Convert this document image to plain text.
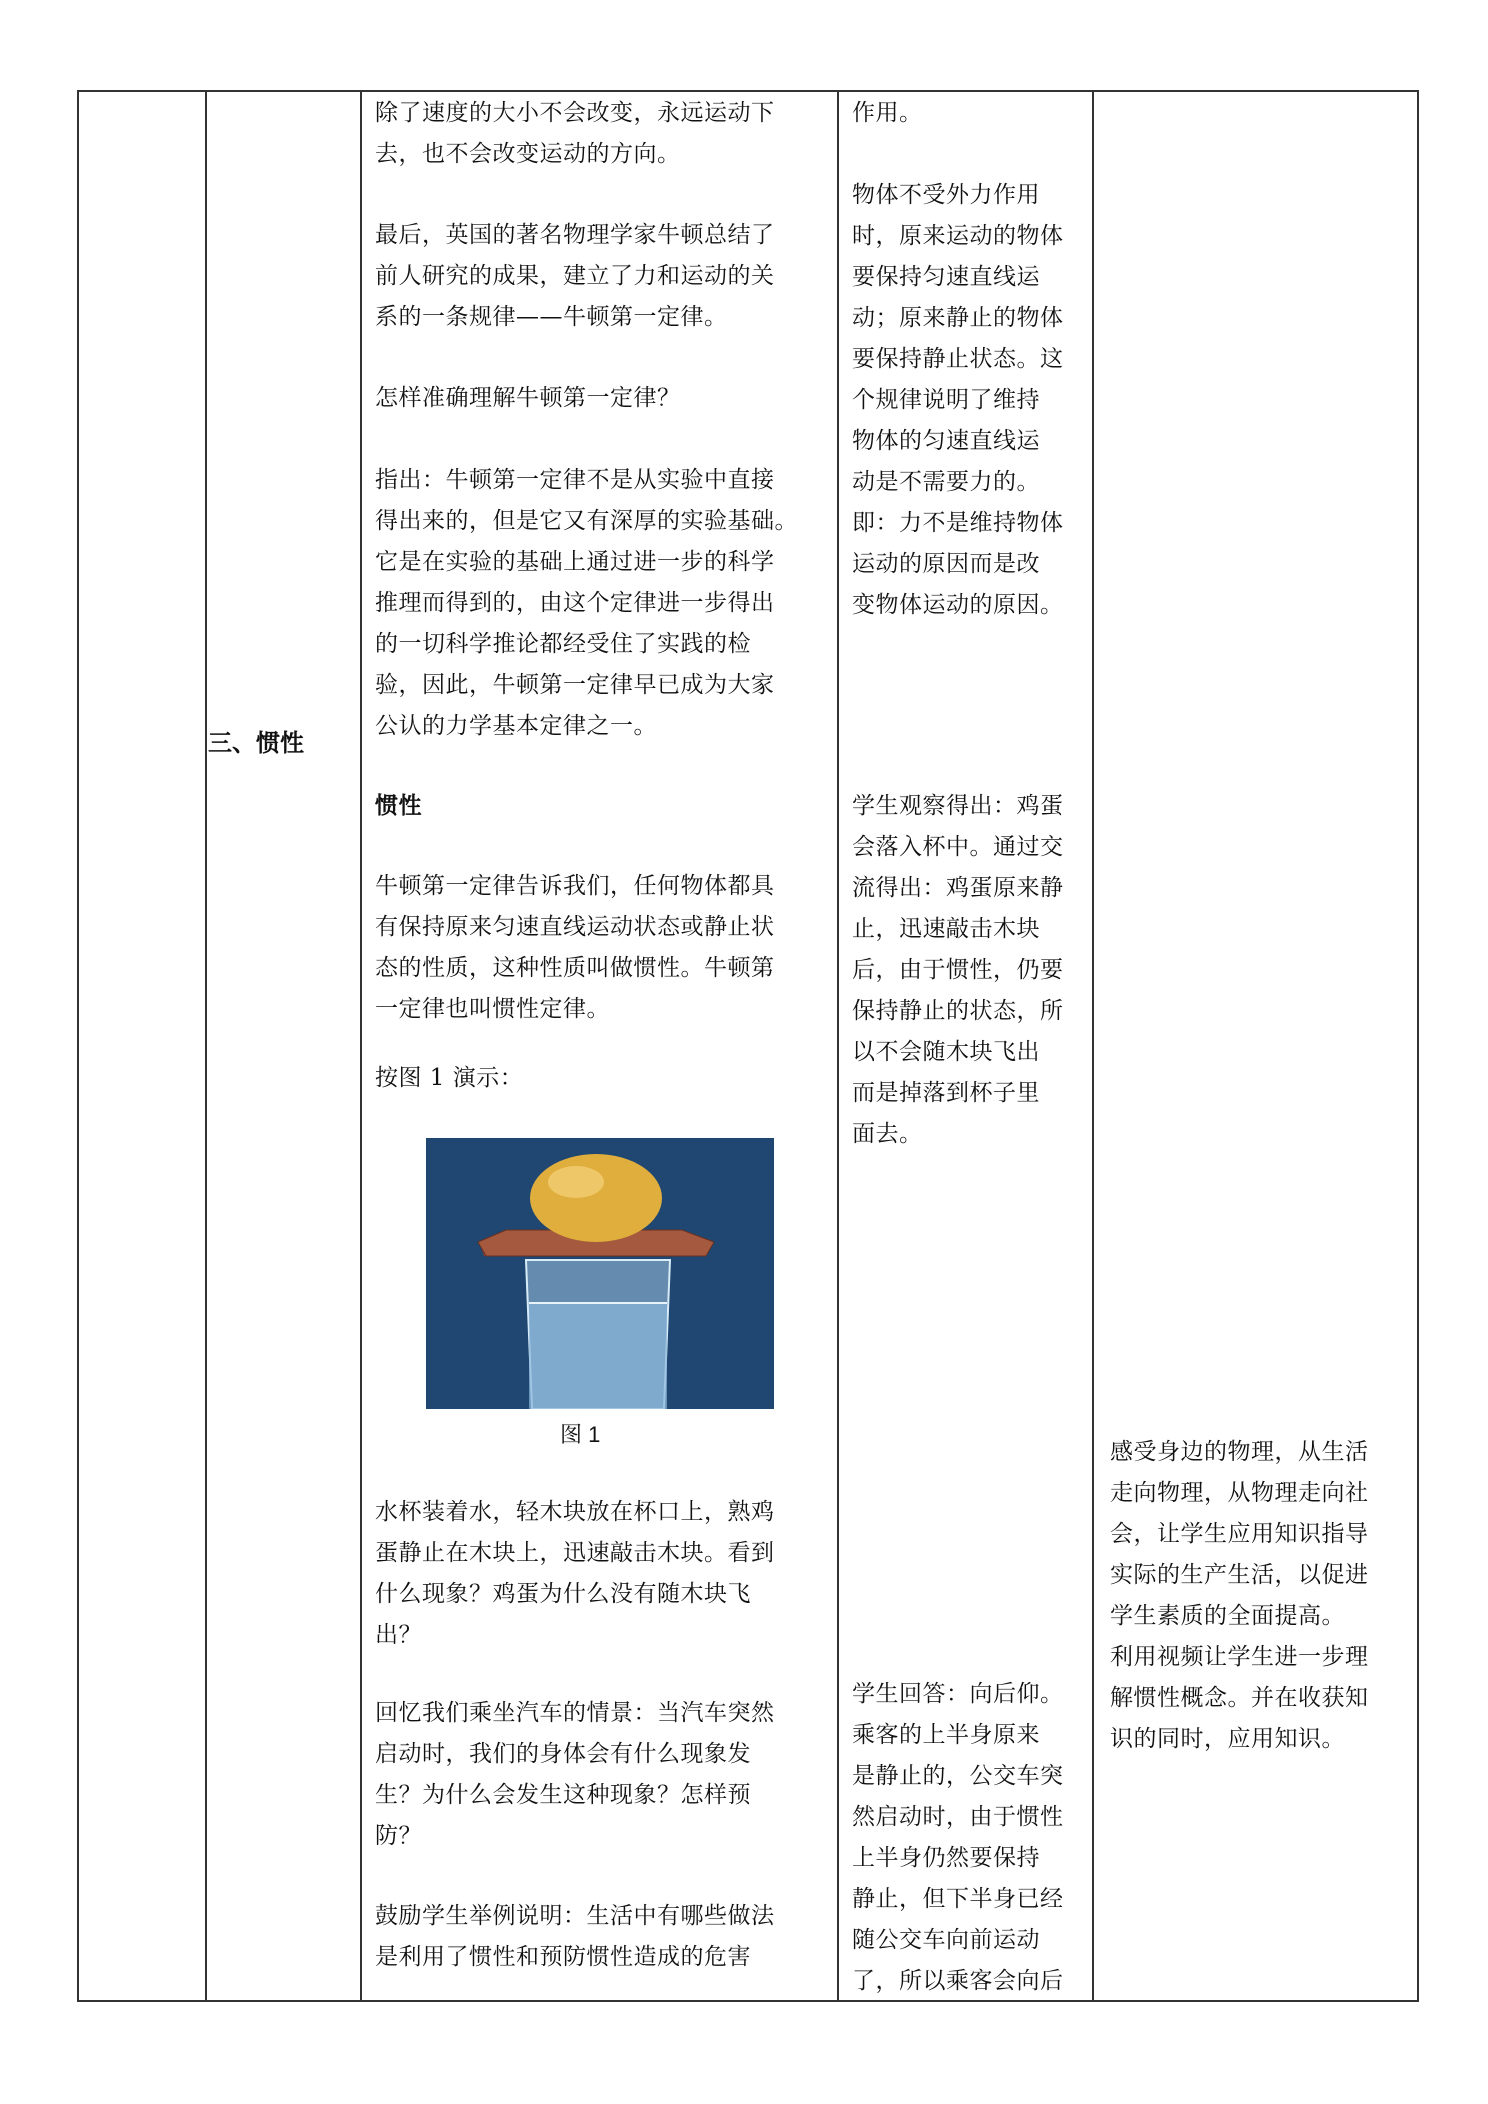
三、惯性
除了速度的大小不会改变，永远运动下
去，也不会改变运动的方向。
最后，英国的著名物理学家牛顿总结了
前人研究的成果，建立了力和运动的关
系的一条规律——牛顿第一定律。
怎样准确理解牛顿第一定律？
指出：牛顿第一定律不是从实验中直接
得出来的，但是它又有深厚的实验基础。
它是在实验的基础上通过进一步的科学
推理而得到的，由这个定律进一步得出
的一切科学推论都经受住了实践的检
验，因此，牛顿第一定律早已成为大家
公认的力学基本定律之一。
惯性
牛顿第一定律告诉我们，任何物体都具
有保持原来匀速直线运动状态或静止状
态的性质，这种性质叫做惯性。牛顿第
一定律也叫惯性定律。
按图 1 演示：
图 1
水杯装着水，轻木块放在杯口上，熟鸡
蛋静止在木块上，迅速敲击木块。看到
什么现象？鸡蛋为什么没有随木块飞
出？
回忆我们乘坐汽车的情景：当汽车突然
启动时，我们的身体会有什么现象发
生？为什么会发生这种现象？怎样预
防？
鼓励学生举例说明：生活中有哪些做法
是利用了惯性和预防惯性造成的危害
作用。
物体不受外力作用
时，原来运动的物体
要保持匀速直线运
动；原来静止的物体
要保持静止状态。这
个规律说明了维持
物体的匀速直线运
动是不需要力的。
即：力不是维持物体
运动的原因而是改
变物体运动的原因。
学生观察得出：鸡蛋
会落入杯中。通过交
流得出：鸡蛋原来静
止，迅速敲击木块
后，由于惯性，仍要
保持静止的状态，所
以不会随木块飞出
而是掉落到杯子里
面去。
学生回答：向后仰。
乘客的上半身原来
是静止的，公交车突
然启动时，由于惯性
上半身仍然要保持
静止，但下半身已经
随公交车向前运动
了，所以乘客会向后
感受身边的物理，从生活
走向物理，从物理走向社
会，让学生应用知识指导
实际的生产生活，以促进
学生素质的全面提高。
利用视频让学生进一步理
解惯性概念。并在收获知
识的同时，应用知识。
